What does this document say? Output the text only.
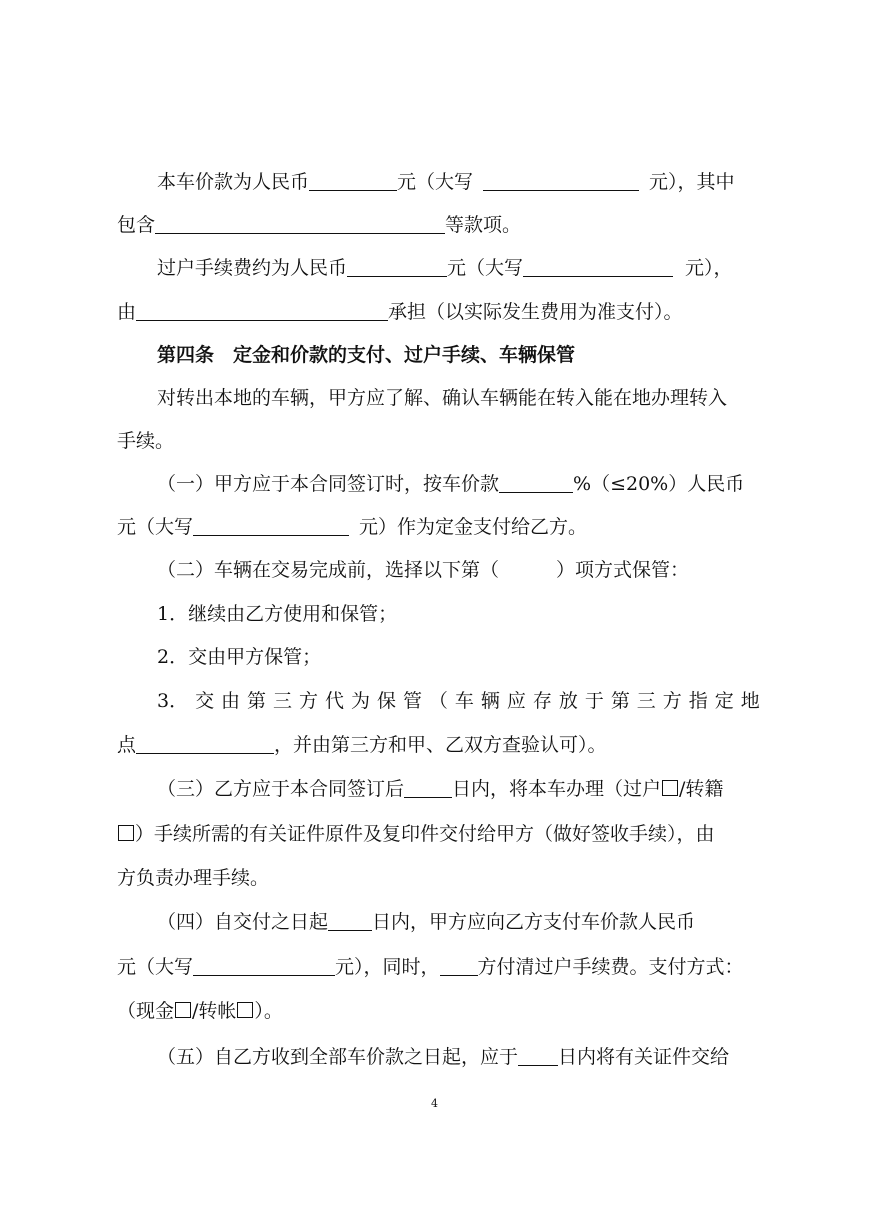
本车价款为人民币	元（大写	元），其中
包含	等款项。
过户手续费约为人民币	元（大写	元），
由	承担（以实际发生费用为准支付）。
第四条　定金和价款的支付、过户手续、车辆保管
对转出本地的车辆，甲方应了解、确认车辆能在转入能在地办理转入
手续。
（一）甲方应于本合同签订时，按车价款	%（≤20%）人民币
元（大写	元）作为定金支付给乙方。
（二）车辆在交易完成前，选择以下第（　　　）项方式保管：
1．继续由乙方使用和保管；
2．交由甲方保管；
3． 交 由 第 三 方 代 为 保 管 （ 车 辆 应 存 放 于 第 三 方 指 定 地
点	，并由第三方和甲、乙双方查验认可）。
（三）乙方应于本合同签订后	日内，将本车办理（过户 /转籍
）手续所需的有关证件原件及复印件交付给甲方（做好签收手续），由
方负责办理手续。
（四）自交付之日起 日内，甲方应向乙方支付车价款人民币
元（大写	元），同时， 方付清过户手续费。支付方式：
（现金 /转帐 ）。
（五）自乙方收到全部车价款之日起，应于 日内将有关证件交给
4
